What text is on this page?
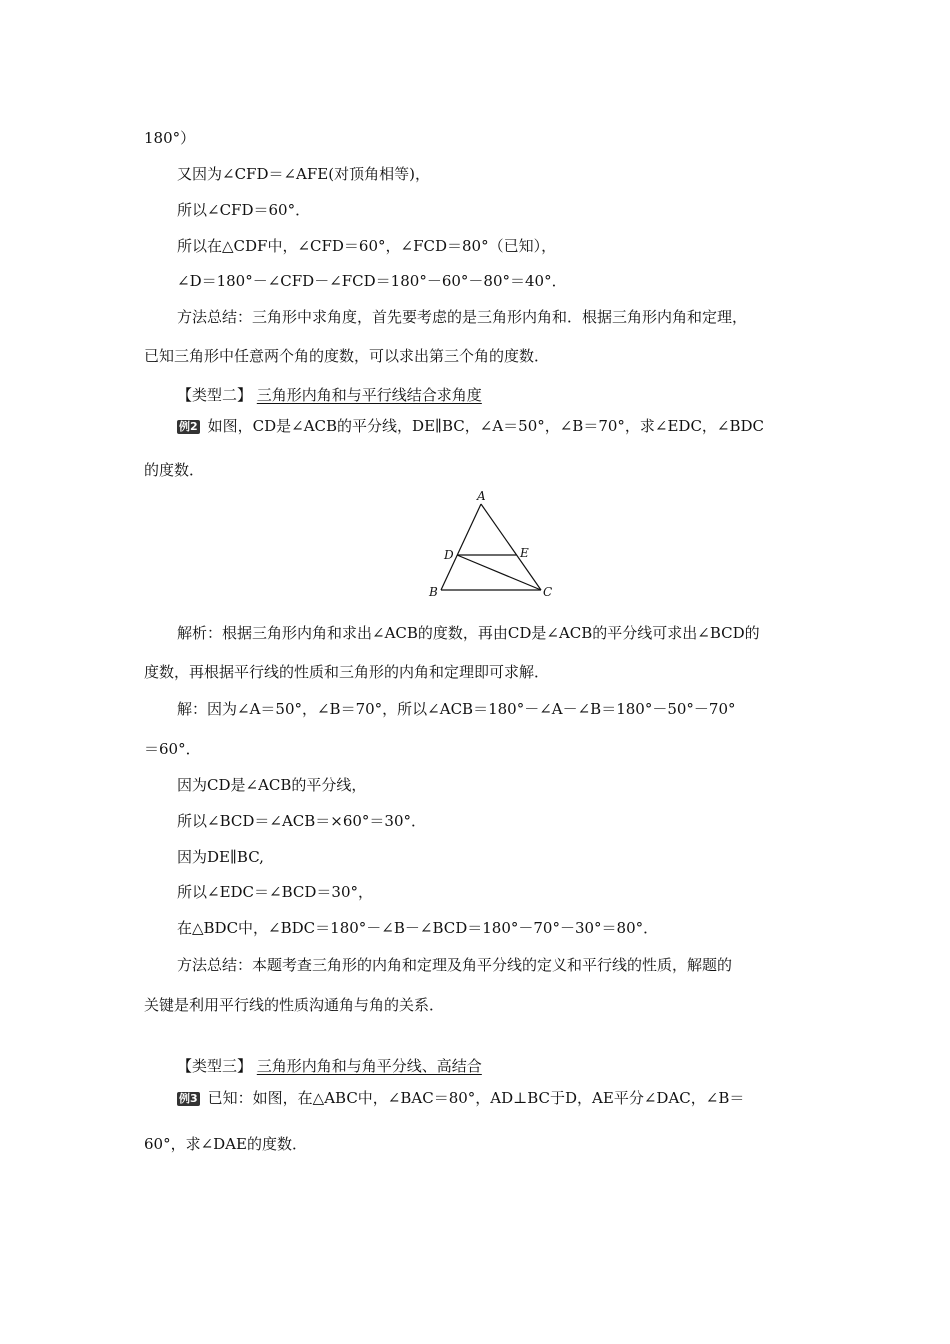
180°）
又因为∠CFD＝∠AFE(对顶角相等)，
所以∠CFD＝60°．
所以在△CDF中，∠CFD＝60°，∠FCD＝80°（已知），
∠D＝180°－∠CFD－∠FCD＝180°－60°－80°＝40°．
方法总结：三角形中求角度，首先要考虑的是三角形内角和．根据三角形内角和定理，
已知三角形中任意两个角的度数，可以求出第三个角的度数．
【类型二】 三角形内角和与平行线结合求角度
例2 如图，CD是∠ACB的平分线，DE∥BC，∠A＝50°，∠B＝70°，求∠EDC，∠BDC
的度数．
A
B	C
D	E
解析：根据三角形内角和求出∠ACB的度数，再由CD是∠ACB的平分线可求出∠BCD的
度数，再根据平行线的性质和三角形的内角和定理即可求解．
解：因为∠A＝50°，∠B＝70°，所以∠ACB＝180°－∠A－∠B＝180°－50°－70°
＝60°．
因为CD是∠ACB的平分线，
所以∠BCD＝∠ACB＝×60°＝30°．
因为DE∥BC,
所以∠EDC＝∠BCD＝30°，
在△BDC中，∠BDC＝180°－∠B－∠BCD＝180°－70°－30°＝80°．
方法总结：本题考查三角形的内角和定理及角平分线的定义和平行线的性质，解题的
关键是利用平行线的性质沟通角与角的关系．
【类型三】 三角形内角和与角平分线、高结合
例3 已知：如图，在△ABC中，∠BAC＝80°，AD⊥BC于D，AE平分∠DAC，∠B＝
60°，求∠DAE的度数．
